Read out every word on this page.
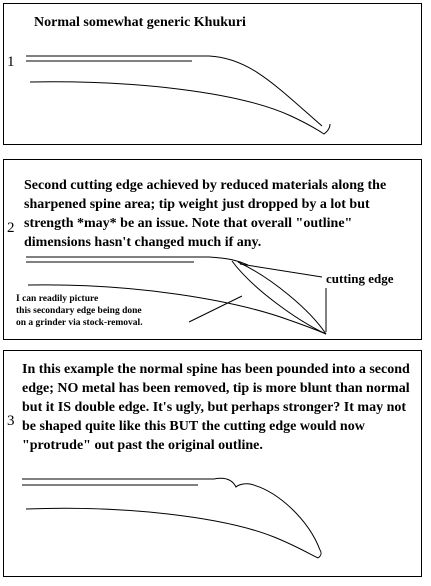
1
Normal somewhat generic Khukuri
2
Second cutting edge achieved by reduced materials along the sharpened spine area; tip weight just dropped by a lot but strength *may* be an issue. Note that overall "outline" dimensions hasn't changed much if any.
cutting edge
I can readily picture
this secondary edge being done
on a grinder via stock-removal.
3
In this example the normal spine has been pounded into a second edge; NO metal has been removed, tip is more blunt than normal but it IS double edge. It's ugly, but perhaps stronger? It may not be shaped quite like this BUT the cutting edge would now "protrude" out past the original outline.
